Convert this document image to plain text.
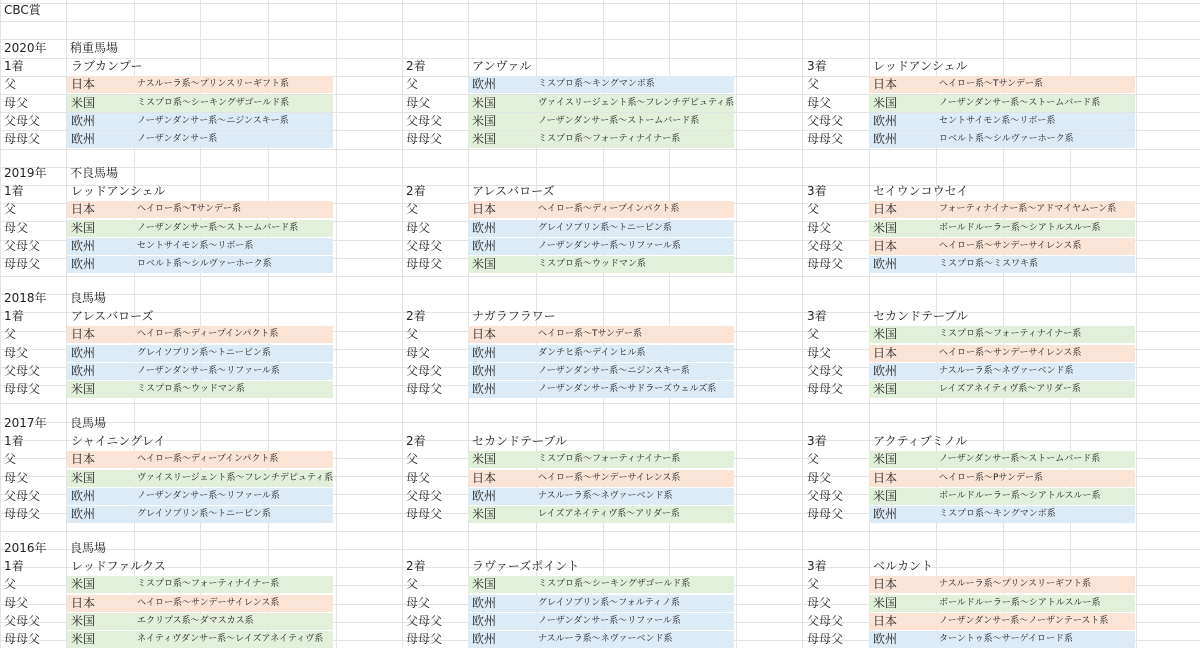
CBC賞
2020年	稍重馬場
1着	ラブカンプー
父	日本	ナスルーラ系～プリンスリーギフト系
母父	米国	ミスプロ系～シーキングザゴールド系
父母父	欧州	ノーザンダンサー系～ニジンスキー系
母母父	欧州	ノーザンダンサー系
2着	アンヴァル
父	欧州	ミスプロ系～キングマンボ系
母父	米国	ヴァイスリージェント系～フレンチデピュティ系
父母父	米国	ノーザンダンサー系～ストームバード系
母母父	米国	ミスプロ系～フォーティナイナー系
3着	レッドアンシェル
父	日本	ヘイロー系～Tサンデー系
母父	米国	ノーザンダンサー系～ストームバード系
父母父	欧州	セントサイモン系～リボー系
母母父	欧州	ロベルト系～シルヴァーホーク系
2019年	不良馬場
1着	レッドアンシェル
父	日本	ヘイロー系～Tサンデー系
母父	米国	ノーザンダンサー系～ストームバード系
父母父	欧州	セントサイモン系～リボー系
母母父	欧州	ロベルト系～シルヴァーホーク系
2着	アレスバローズ
父	日本	ヘイロー系～ディープインパクト系
母父	欧州	グレイソブリン系～トニービン系
父母父	欧州	ノーザンダンサー系～リファール系
母母父	米国	ミスプロ系～ウッドマン系
3着	セイウンコウセイ
父	日本	フォーティナイナー系～アドマイヤムーン系
母父	米国	ボールドルーラー系～シアトルスルー系
父母父	日本	ヘイロー系～サンデーサイレンス系
母母父	欧州	ミスプロ系～ミスワキ系
2018年	良馬場
1着	アレスバローズ
父	日本	ヘイロー系～ディープインパクト系
母父	欧州	グレイソブリン系～トニービン系
父母父	欧州	ノーザンダンサー系～リファール系
母母父	米国	ミスプロ系～ウッドマン系
2着	ナガラフラワー
父	日本	ヘイロー系～Tサンデー系
母父	欧州	ダンチヒ系～デインヒル系
父母父	欧州	ノーザンダンサー系～ニジンスキー系
母母父	欧州	ノーザンダンサー系～サドラーズウェルズ系
3着	セカンドテーブル
父	米国	ミスプロ系～フォーティナイナー系
母父	日本	ヘイロー系～サンデーサイレンス系
父母父	欧州	ナスルーラ系～ネヴァーベンド系
母母父	米国	レイズアネイティヴ系～アリダー系
2017年	良馬場
1着	シャイニングレイ
父	日本	ヘイロー系～ディープインパクト系
母父	米国	ヴァイスリージェント系～フレンチデピュティ系
父母父	欧州	ノーザンダンサー系～リファール系
母母父	欧州	グレイソブリン系～トニービン系
2着	セカンドテーブル
父	米国	ミスプロ系～フォーティナイナー系
母父	日本	ヘイロー系～サンデーサイレンス系
父母父	欧州	ナスルーラ系～ネヴァーベンド系
母母父	米国	レイズアネイティヴ系～アリダー系
3着	アクティブミノル
父	米国	ノーザンダンサー系～ストームバード系
母父	日本	ヘイロー系～Pサンデー系
父母父	米国	ボールドルーラー系～シアトルスルー系
母母父	欧州	ミスプロ系～キングマンボ系
2016年	良馬場
1着	レッドファルクス
父	米国	ミスプロ系～フォーティナイナー系
母父	日本	ヘイロー系～サンデーサイレンス系
父母父	米国	エクリプス系～ダマスカス系
母母父	米国	ネイティヴダンサー系～レイズアネイティヴ系
2着	ラヴァーズポイント
父	米国	ミスプロ系～シーキングザゴールド系
母父	欧州	グレイソブリン系～フォルティノ系
父母父	欧州	ノーザンダンサー系～リファール系
母母父	欧州	ナスルーラ系～ネヴァーベンド系
3着	ベルカント
父	日本	ナスルーラ系～プリンスリーギフト系
母父	米国	ボールドルーラー系～シアトルスルー系
父母父	日本	ノーザンダンサー系～ノーザンテースト系
母母父	欧州	ターントゥ系～サーゲイロード系
